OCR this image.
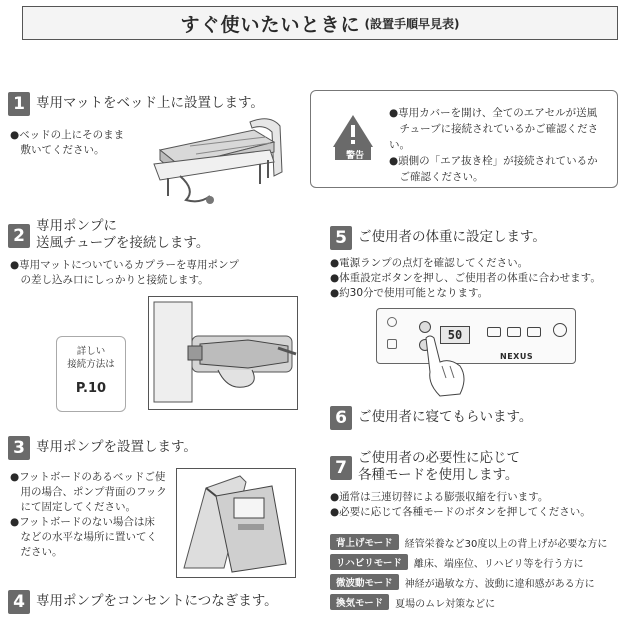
すぐ使いたいときに (設置手順早見表)
1 専用マットをベッド上に設置します。
●ベッドの上にそのまま
　敷いてください。	警告
●専用カバーを開け、全てのエアセルが送風
　チューブに接続されているかご確認ください。
●頭側の「エア抜き栓」が接続されているか
　ご確認ください。
2 専用ポンプに
送風チューブを接続します。
●専用マットについているカプラーを専用ポンプ
　の差し込み口にしっかりと接続します。
詳しい
接続方法は
P.10
3 専用ポンプを設置します。
●フットボードのあるベッドご使
　用の場合、ポンプ背面のフック
　にて固定してください。
●フットボードのない場合は床
　などの水平な場所に置いてく
　ださい。
4 専用ポンプをコンセントにつなぎます。
5 ご使用者の体重に設定します。
●電源ランプの点灯を確認してください。
●体重設定ボタンを押し、ご使用者の体重に合わせます。
●約30分で使用可能となります。
50
NEXUS
6 ご使用者に寝てもらいます。
7 ご使用者の必要性に応じて
各種モードを使用します。
●通常は三連切替による膨張収縮を行います。
●必要に応じて各種モードのボタンを押してください。
背上げモード	経管栄養など30度以上の背上げが必要な方に
リハビリモード	離床、端座位、リハビリ等を行う方に
微波動モード	神経が過敏な方、波動に違和感がある方に
換気モード	夏場のムレ対策などに
